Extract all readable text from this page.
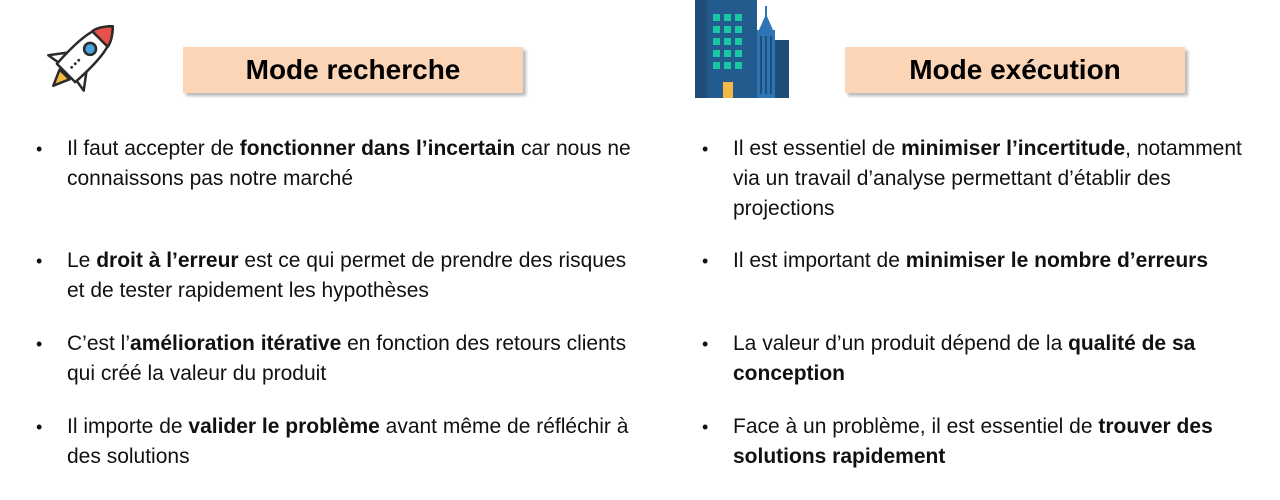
Mode recherche
•	Il faut accepter de fonctionner dans l’incertain car nous ne connaissons pas notre marché
•	Le droit à l’erreur est ce qui permet de prendre des risques et de tester rapidement les hypothèses
•	C’est l’amélioration itérative en fonction des retours clients qui créé la valeur du produit
•	Il importe de valider le problème avant même de réfléchir à des solutions
Mode exécution
•	Il est essentiel de minimiser l’incertitude, notamment via un travail d’analyse permettant d’établir des projections
•	Il est important de minimiser le nombre d’erreurs
•	La valeur d’un produit dépend de la qualité de sa conception
•	Face à un problème, il est essentiel de trouver des solutions rapidement
